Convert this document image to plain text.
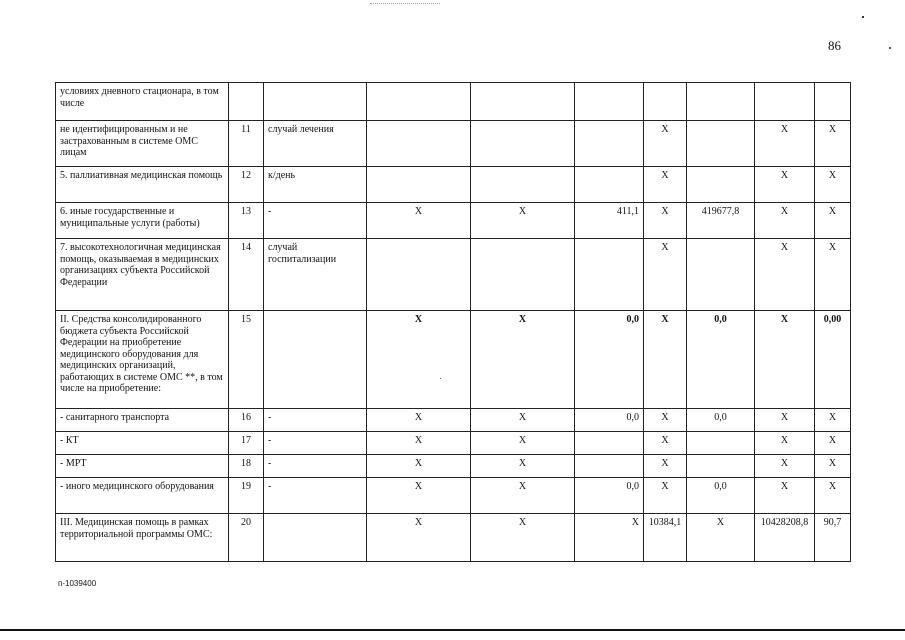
86
условиях дневного стационара, в том числе									
не идентифицированным и не застрахованным в системе ОМС лицам	11	случай лечения				X		X	X
5. паллиативная медицинская помощь	12	к/день				X		X	X
6. иные государственные и муниципальные услуги (работы)	13	-	X	X	411,1	X	419677,8	X	X
7. высокотехнологичная медицинская помощь, оказываемая в медицинских организациях субъекта Российской Федерации	14	случай госпитализации				X		X	X
II. Средства консолидированного бюджета субъекта Российской Федерации на приобретение медицинского оборудования для медицинских организаций, работающих в системе ОМС **, в том числе на приобретение:	15		X	X	0,0	X	0,0	X	0,00
- санитарного транспорта	16	-	X	X	0,0	X	0,0	X	X
- КТ	17	-	X	X		X		X	X
- МРТ	18	-	X	X		X		X	X
- иного медицинского оборудования	19	-	X	X	0,0	X	0,0	X	X
III. Медицинская помощь в рамках территориальной программы ОМС:	20		X	X	X	10384,1	X	10428208,8	90,7
п-1039400
